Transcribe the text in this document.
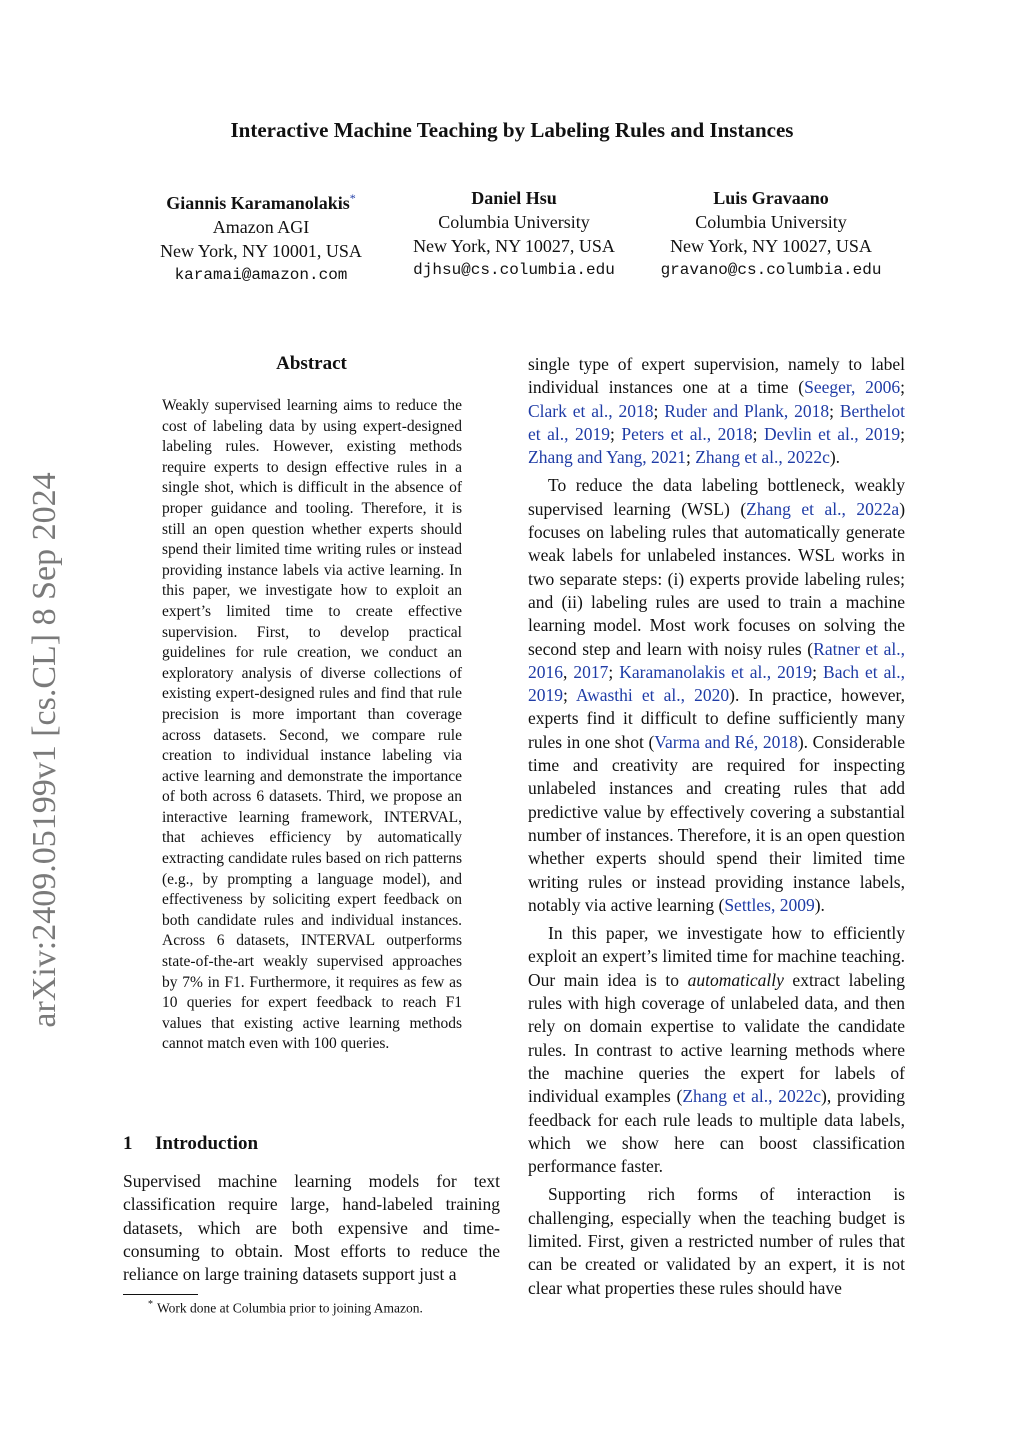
Interactive Machine Teaching by Labeling Rules and Instances
Giannis Karamanolakis*
Amazon AGI
New York, NY 10001, USA
karamai@amazon.com
Daniel Hsu
Columbia University
New York, NY 10027, USA
djhsu@cs.columbia.edu
Luis Gravaano
Columbia University
New York, NY 10027, USA
gravano@cs.columbia.edu
arXiv:2409.05199v1 [cs.CL] 8 Sep 2024
Abstract

Weakly supervised learning aims to reduce the cost of labeling data by using expert-designed labeling rules. However, existing methods require experts to design effective rules in a single shot, which is difficult in the absence of proper guidance and tooling. Therefore, it is still an open question whether experts should spend their limited time writing rules or instead providing instance labels via active learning. In this paper, we investigate how to exploit an expert’s limited time to create effective supervision. First, to develop practical guidelines for rule creation, we conduct an exploratory analysis of diverse collections of existing expert-designed rules and find that rule precision is more important than coverage across datasets. Second, we compare rule creation to individual instance labeling via active learning and demonstrate the importance of both across 6 datasets. Third, we propose an interactive learning framework, INTERVAL, that achieves efficiency by automatically extracting candidate rules based on rich patterns (e.g., by prompting a language model), and effectiveness by soliciting expert feedback on both candidate rules and individual instances. Across 6 datasets, INTERVAL outperforms state-of-the-art weakly supervised approaches by 7% in F1. Furthermore, it requires as few as 10 queries for expert feedback to reach F1 values that existing active learning methods cannot match even with 100 queries.

1 Introduction

Supervised machine learning models for text classification require large, hand-labeled training datasets, which are both expensive and time-consuming to obtain. Most efforts to reduce the reliance on large training datasets support just a

* Work done at Columbia prior to joining Amazon.

single type of expert supervision, namely to label individual instances one at a time (Seeger, 2006; Clark et al., 2018; Ruder and Plank, 2018; Berthelot et al., 2019; Peters et al., 2018; Devlin et al., 2019; Zhang and Yang, 2021; Zhang et al., 2022c).

To reduce the data labeling bottleneck, weakly supervised learning (WSL) (Zhang et al., 2022a) focuses on labeling rules that automatically generate weak labels for unlabeled instances. WSL works in two separate steps: (i) experts provide labeling rules; and (ii) labeling rules are used to train a machine learning model. Most work focuses on solving the second step and learn with noisy rules (Ratner et al., 2016, 2017; Karamanolakis et al., 2019; Bach et al., 2019; Awasthi et al., 2020). In practice, however, experts find it difficult to define sufficiently many rules in one shot (Varma and Ré, 2018). Considerable time and creativity are required for inspecting unlabeled instances and creating rules that add predictive value by effectively covering a substantial number of instances. Therefore, it is an open question whether experts should spend their limited time writing rules or instead providing instance labels, notably via active learning (Settles, 2009).

In this paper, we investigate how to efficiently exploit an expert’s limited time for machine teaching. Our main idea is to automatically extract labeling rules with high coverage of unlabeled data, and then rely on domain expertise to validate the candidate rules. In contrast to active learning methods where the machine queries the expert for labels of individual examples (Zhang et al., 2022c), providing feedback for each rule leads to multiple data labels, which we show here can boost classification performance faster.

Supporting rich forms of interaction is challenging, especially when the teaching budget is limited. First, given a restricted number of rules that can be created or validated by an expert, it is not clear what properties these rules should have
